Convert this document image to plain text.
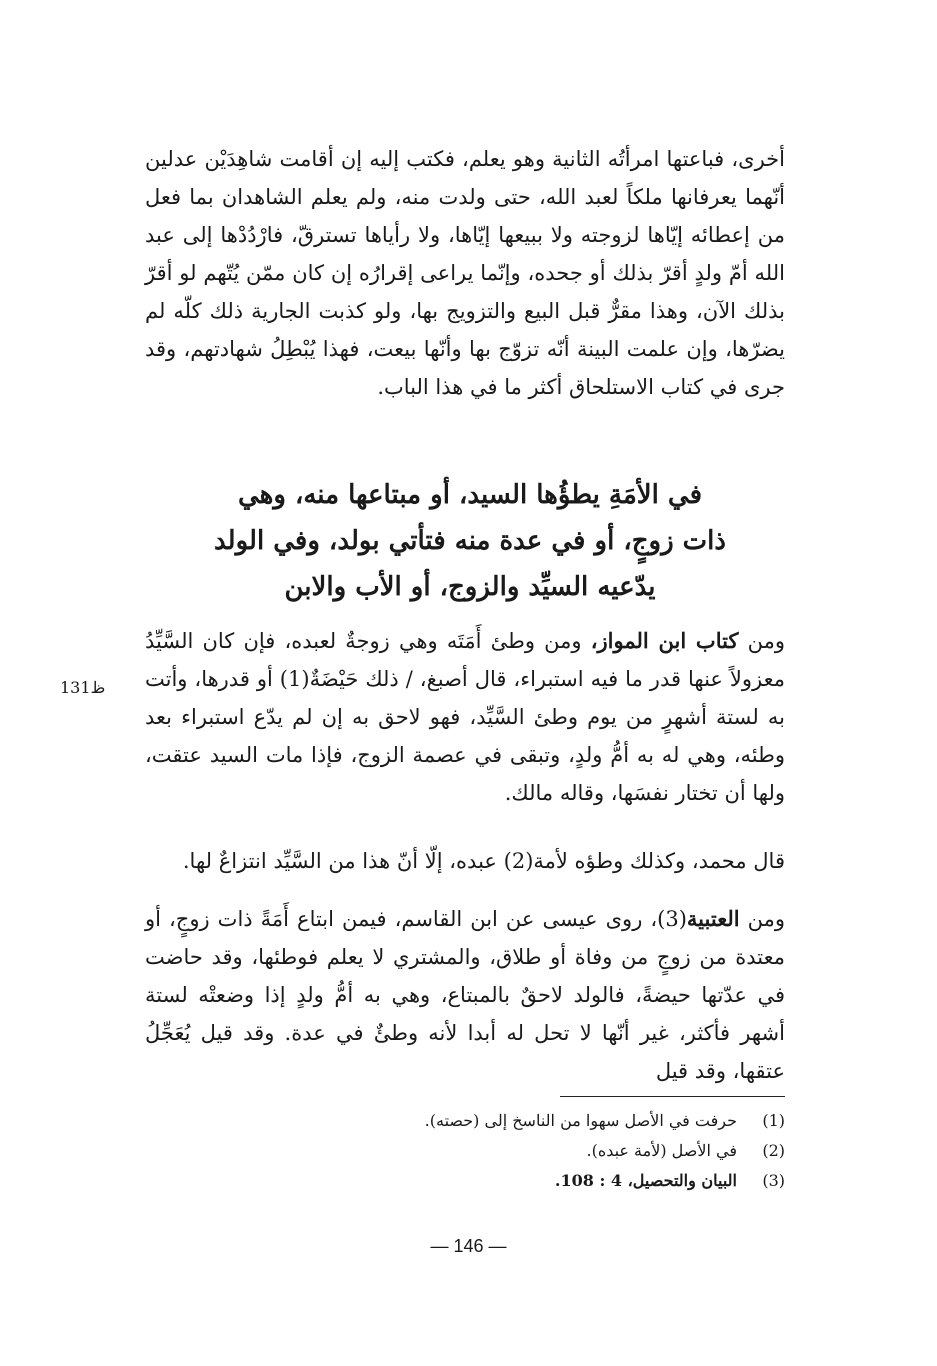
أخرى، فباعتها امرأتُه الثانية وهو يعلم، فكتب إليه إن أقامت شاهِدَيْن عدلين أنّهما يعرفانها ملكاً لعبد الله، حتى ولدت منه، ولم يعلم الشاهدان بما فعل من إعطائه إيّاها لزوجته ولا ببيعها إيّاها، ولا رأياها تسترقّ، فارْدُدْها إلى عبد الله أمّ ولدٍ أقرّ بذلك أو جحده، وإنّما يراعى إقرارُه إن كان ممّن يُتّهم لو أقرّ بذلك الآن، وهذا مقرٌّ قبل البيع والتزويج بها، ولو كذبت الجارية ذلك كلّه لم يضرّها، وإن علمت البينة أنّه تزوّج بها وأنّها بيعت، فهذا يُبْطِلُ شهادتهم، وقد جرى في كتاب الاستلحاق أكثر ما في هذا الباب.
في الأمَةِ يطؤُها السيد، أو مبتاعها منه، وهي
ذات زوجٍ، أو في عدة منه فتأتي بولد، وفي الولد
يدّعيه السيِّد والزوج، أو الأب والابن
ومن كتاب ابن المواز، ومن وطئ أَمَتَه وهي زوجةٌ لعبده، فإن كان السَّيِّدُ معزولاً عنها قدر ما فيه استبراء، قال أصبغ، / ذلك حَيْضَةٌ(1) أو قدرها، وأتت به لستة أشهرٍ من يوم وطئ السَّيِّد، فهو لاحق به إن لم يدّع استبراء بعد وطئه، وهي له به أمُّ ولدٍ، وتبقى في عصمة الزوج، فإذا مات السيد عتقت، ولها أن تختار نفسَها، وقاله مالك.
131ظ
قال محمد، وكذلك وطؤه لأمة(2) عبده، إلّا أنّ هذا من السَّيِّد انتزاعٌ لها.
ومن العتبية(3)، روى عيسى عن ابن القاسم، فيمن ابتاع أَمَةً ذات زوجٍ، أو معتدة من زوجٍ من وفاة أو طلاق، والمشتري لا يعلم فوطئها، وقد حاضت في عدّتها حيضةً، فالولد لاحقٌ بالمبتاع، وهي به أمُّ ولدٍ إذا وضعتْه لستة أشهر فأكثر، غير أنّها لا تحل له أبدا لأنه وطئٌ في عدة. وقد قيل يُعَجِّلُ عتقها، وقد قيل
(1)
حرفت في الأصل سهوا من الناسخ إلى (حصته).
(2)
في الأصل (لأمة عبده).
(3)
البيان والتحصيل، 4 : 108.
— 146 —
